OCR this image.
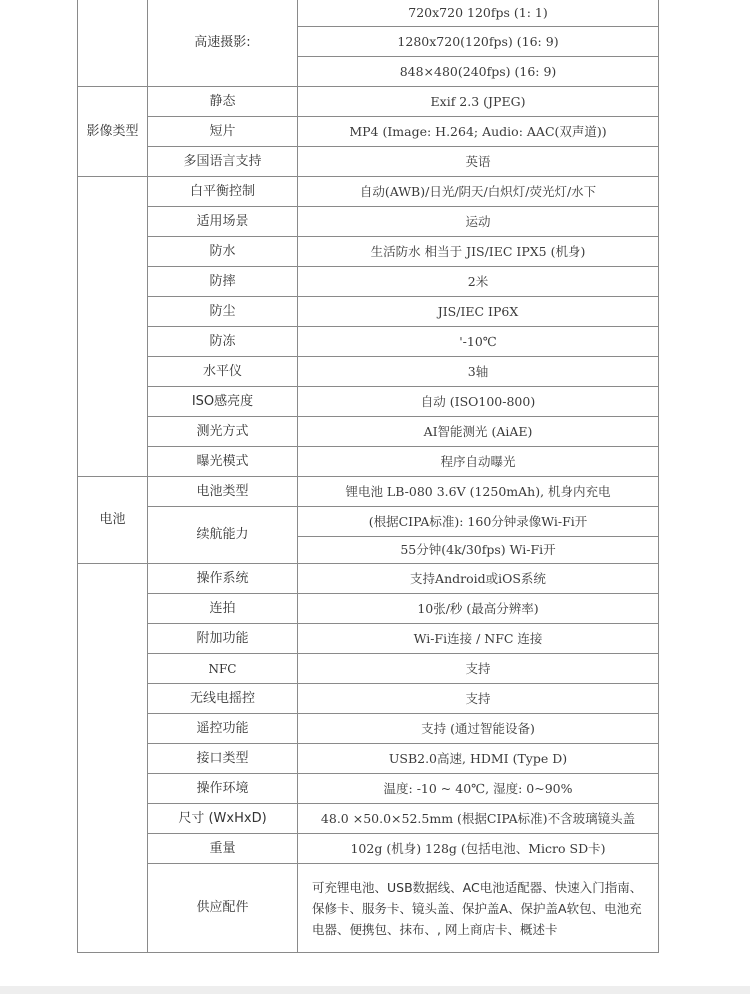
	高速摄影:	720x720 120fps (1: 1)
		1280x720(120fps) (16: 9)
		848×480(240fps) (16: 9)
影像类型	静态	Exif 2.3 (JPEG)
	短片	MP4 (Image: H.264; Audio: AAC(双声道))
	多国语言支持	英语
	白平衡控制	自动(AWB)/日光/阴天/白炽灯/荧光灯/水下
	适用场景	运动
	防水	生活防水 相当于 JIS/IEC IPX5 (机身)
	防摔	2米
	防尘	JIS/IEC IP6X
	防冻	'-10℃
	水平仪	3轴
	ISO感亮度	自动 (ISO100-800)
	测光方式	AI智能测光 (AiAE)
	曝光模式	程序自动曝光
电池	电池类型	锂电池 LB-080 3.6V (1250mAh), 机身内充电
	续航能力	(根据CIPA标准): 160分钟录像Wi-Fi开
		55分钟(4k/30fps) Wi-Fi开
	操作系统	支持Android或iOS系统
	连拍	10张/秒 (最高分辨率)
	附加功能	Wi-Fi连接 / NFC 连接
	NFC	支持
	无线电摇控	支持
	遥控功能	支持 (通过智能设备)
	接口类型	USB2.0高速, HDMI (Type D)
	操作环境	温度: -10 ~ 40℃, 湿度: 0~90%
	尺寸 (WxHxD)	48.0 ×50.0×52.5mm (根据CIPA标准)不含玻璃镜头盖
	重量	102g (机身) 128g (包括电池、Micro SD卡)
	供应配件	可充锂电池、USB数据线、AC电池适配器、快速入门指南、保修卡、服务卡、镜头盖、保护盖A、保护盖A软包、电池充电器、便携包、抹布、, 网上商店卡、概述卡
